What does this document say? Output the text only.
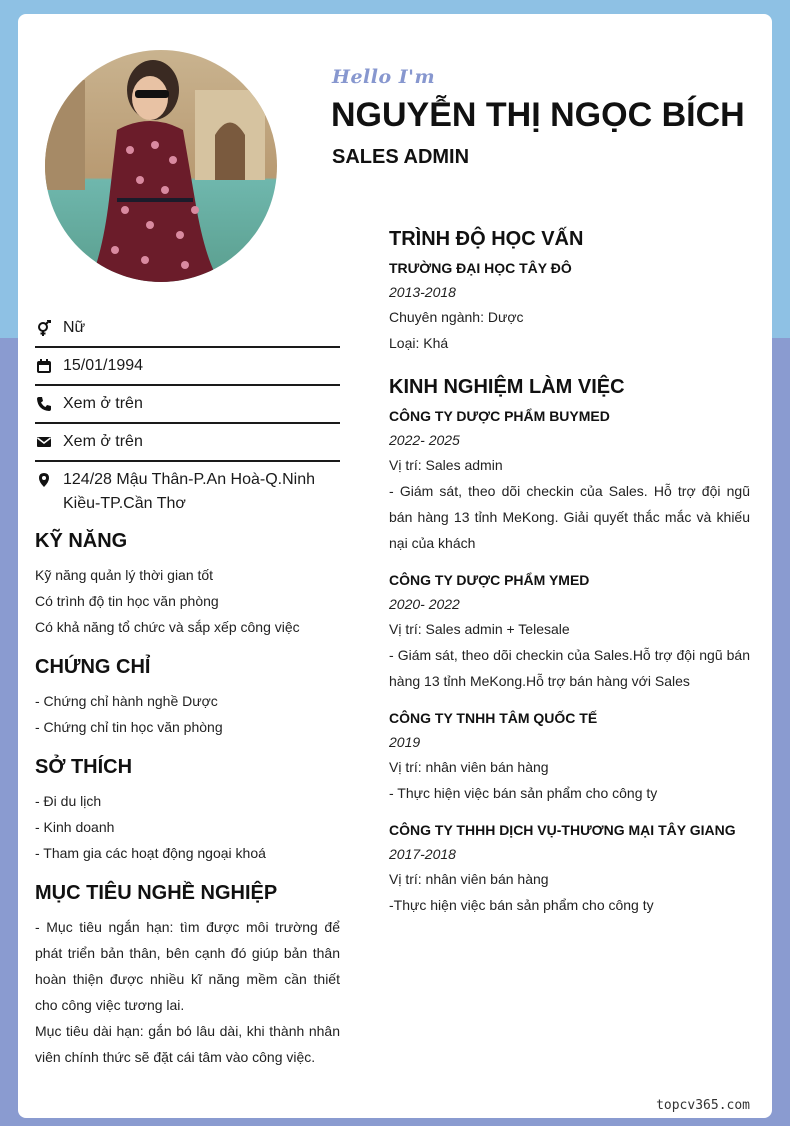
Hello I'm
NGUYỄN THỊ NGỌC BÍCH
SALES ADMIN
Nữ
15/01/1994
Xem ở trên
Xem ở trên
124/28 Mậu Thân-P.An Hoà-Q.Ninh Kiều-TP.Cần Thơ
KỸ NĂNG
Kỹ năng quản lý thời gian tốt
Có trình độ tin học văn phòng
Có khả năng tổ chức và sắp xếp công việc
CHỨNG CHỈ
- Chứng chỉ hành nghề Dược
- Chứng chỉ tin học văn phòng
SỞ THÍCH
- Đi du lịch
- Kinh doanh
- Tham gia các hoạt động ngoại khoá
MỤC TIÊU NGHỀ NGHIỆP
- Mục tiêu ngắn hạn: tìm được môi trường để phát triển bản thân, bên cạnh đó giúp bản thân hoàn thiện được nhiều kĩ năng mềm cần thiết cho công việc tương lai.
Mục tiêu dài hạn: gắn bó lâu dài, khi thành nhân viên chính thức sẽ đặt cái tâm vào công việc.
TRÌNH ĐỘ HỌC VẤN
TRƯỜNG ĐẠI HỌC TÂY ĐÔ
2013-2018
Chuyên ngành: Dược
Loại: Khá
KINH NGHIỆM LÀM VIỆC
CÔNG TY DƯỢC PHẨM BUYMED
2022- 2025
Vị trí: Sales admin
- Giám sát, theo dõi checkin của Sales. Hỗ trợ đội ngũ bán hàng 13 tỉnh MeKong. Giải quyết thắc mắc và khiếu nại của khách
CÔNG TY DƯỢC PHẨM YMED
2020- 2022
Vị trí: Sales admin + Telesale
- Giám sát, theo dõi checkin của Sales.Hỗ trợ đội ngũ bán hàng 13 tỉnh MeKong.Hỗ trợ bán hàng với Sales
CÔNG TY TNHH TÂM QUỐC TẾ
2019
Vị trí: nhân viên bán hàng
- Thực hiện việc bán sản phẩm cho công ty
CÔNG TY THHH DỊCH VỤ-THƯƠNG MẠI TÂY GIANG
2017-2018
Vị trí: nhân viên bán hàng
-Thực hiện việc bán sản phẩm cho công ty
topcv365.com
